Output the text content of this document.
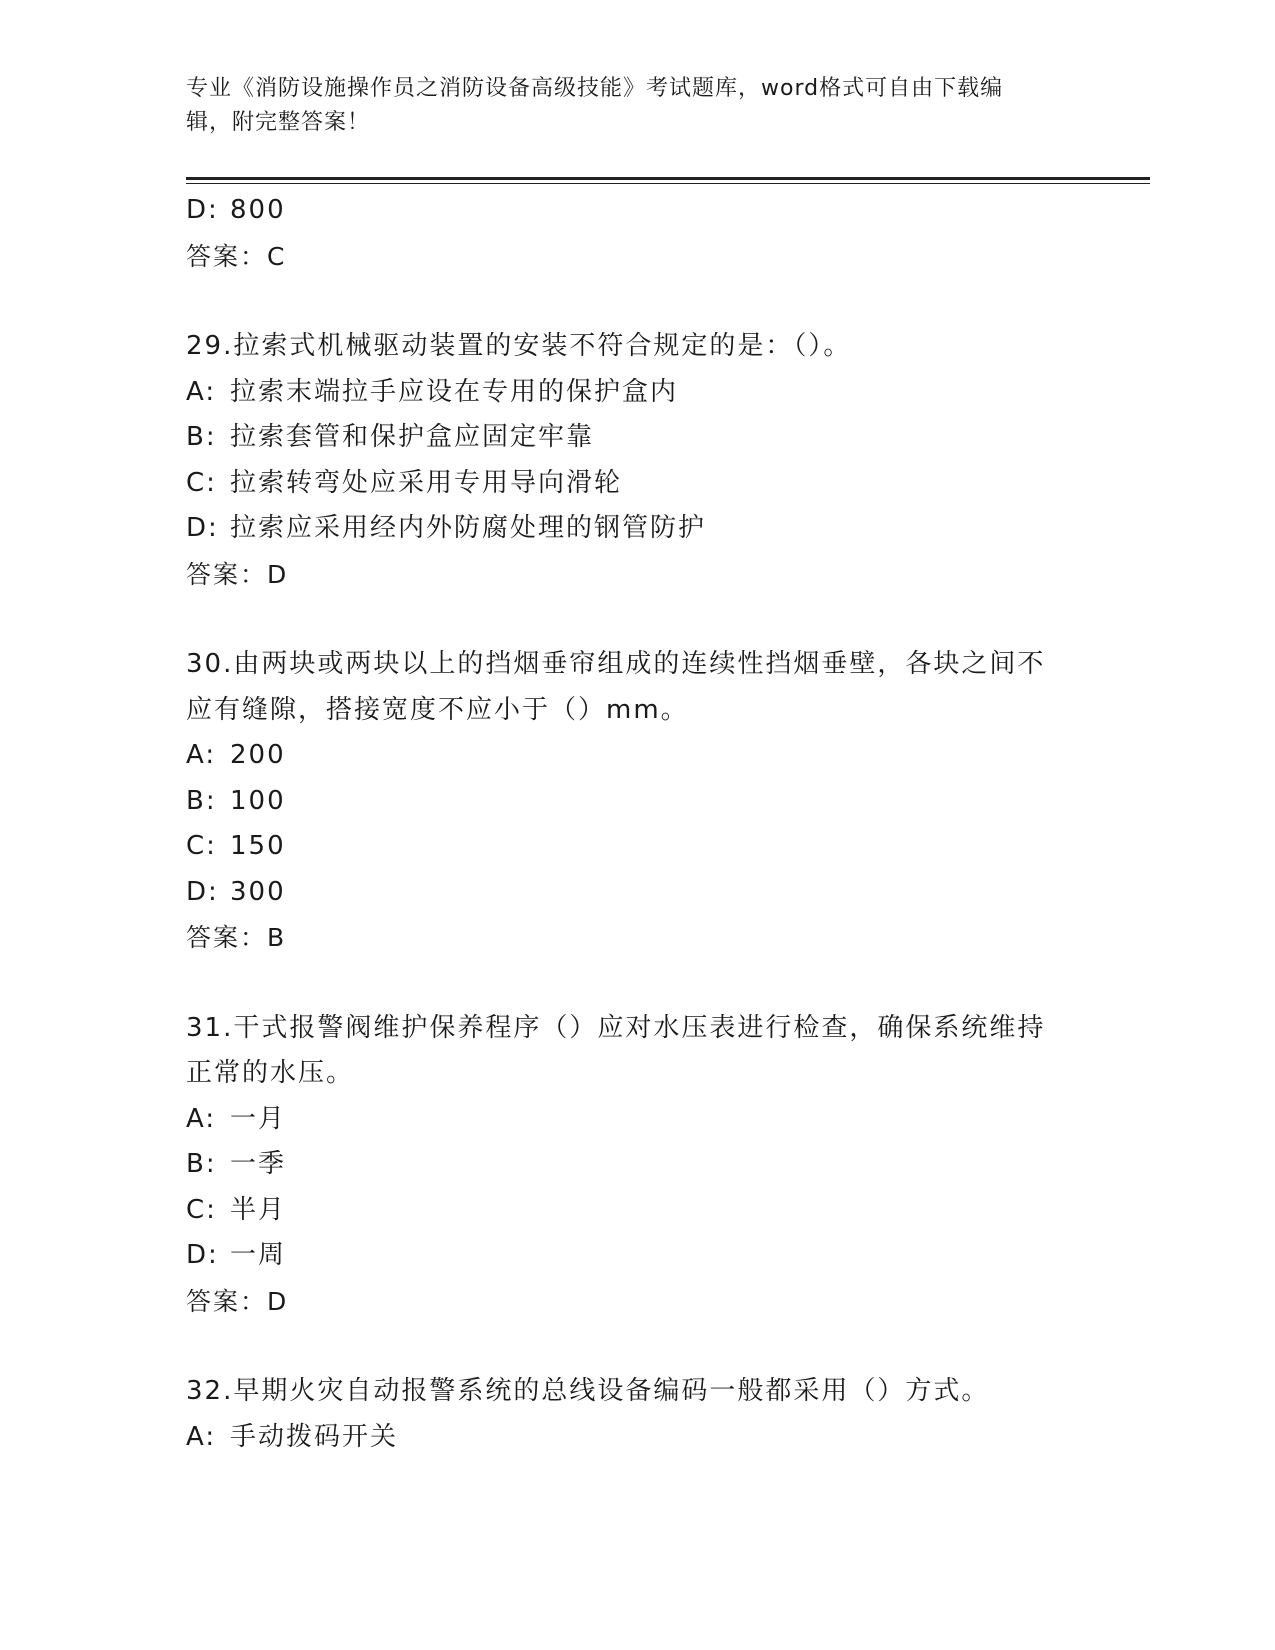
专业《消防设施操作员之消防设备高级技能》考试题库，word格式可自由下载编
辑，附完整答案！
D: 800
答案：C
29.拉索式机械驱动装置的安装不符合规定的是：（）。
A: 拉索末端拉手应设在专用的保护盒内
B: 拉索套管和保护盒应固定牢靠
C: 拉索转弯处应采用专用导向滑轮
D: 拉索应采用经内外防腐处理的钢管防护
答案：D
30.由两块或两块以上的挡烟垂帘组成的连续性挡烟垂壁，各块之间不
应有缝隙，搭接宽度不应小于（）mm。
A: 200
B: 100
C: 150
D: 300
答案：B
31.干式报警阀维护保养程序（）应对水压表进行检查，确保系统维持
正常的水压。
A: 一月
B: 一季
C: 半月
D: 一周
答案：D
32.早期火灾自动报警系统的总线设备编码一般都采用（）方式。
A: 手动拨码开关
